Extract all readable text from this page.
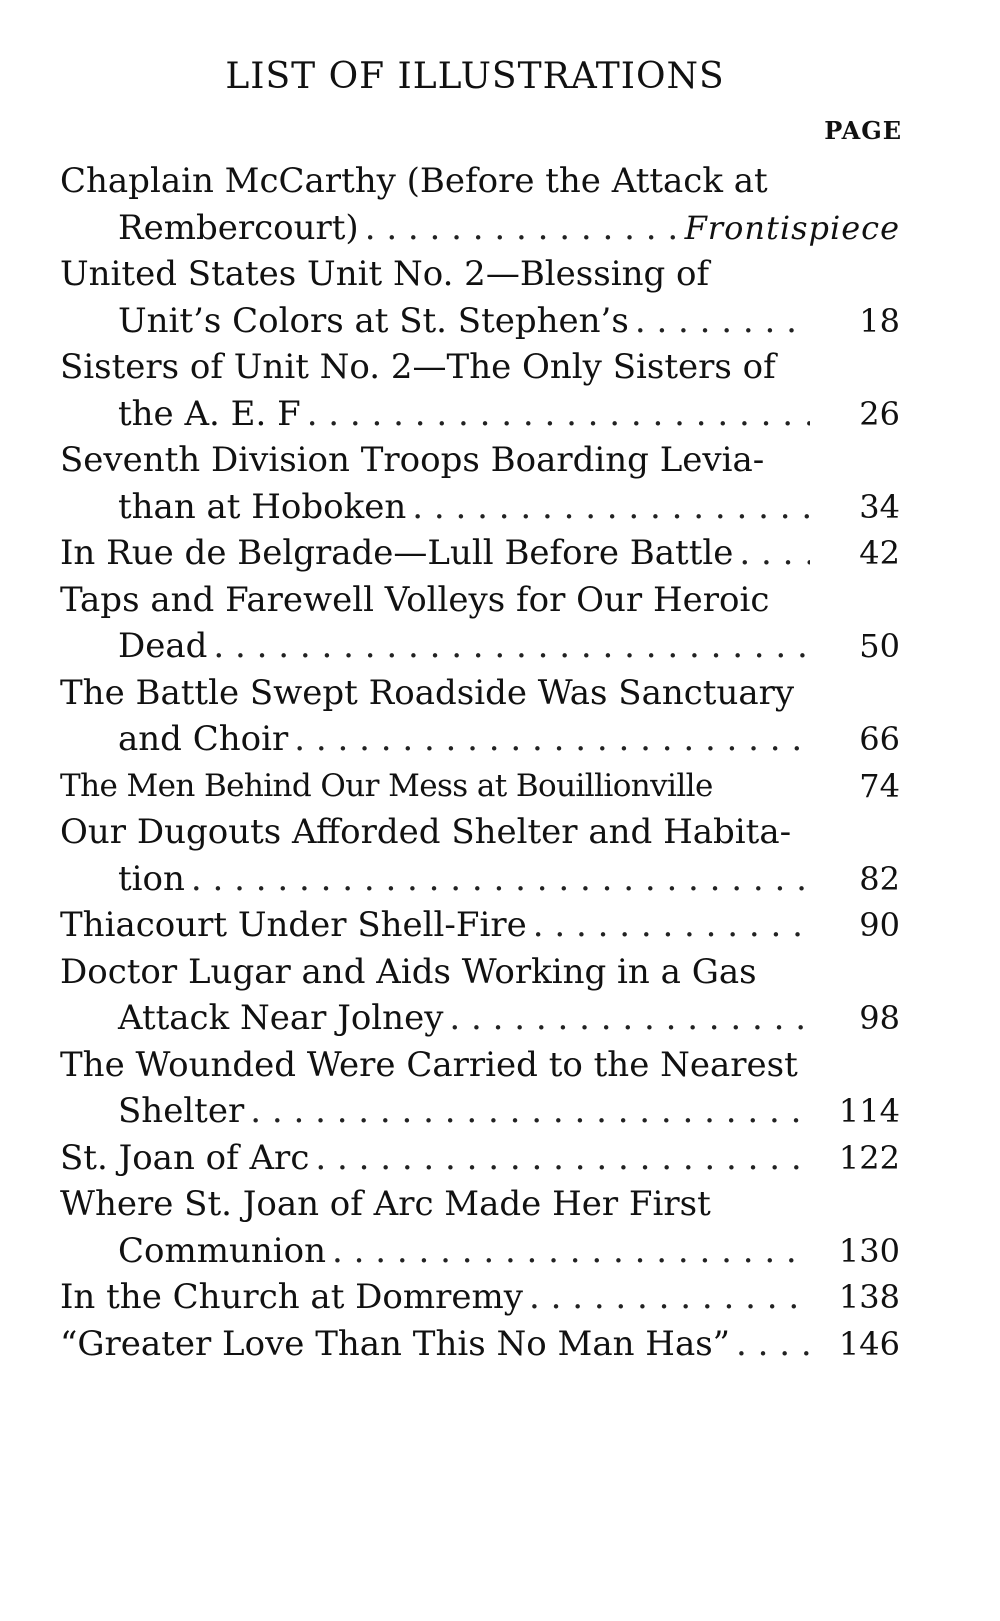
LIST OF ILLUSTRATIONS
PAGE
Chaplain McCarthy (Before the Attack at
Rembercourt) . . .	Frontispiece
United States Unit No. 2—Blessing of
Unit’s Colors at St. Stephen’s . . .	18
Sisters of Unit No. 2—The Only Sisters of
the A. E. F . . .	26
Seventh Division Troops Boarding Levia-
than at Hoboken . . .	34
In Rue de Belgrade—Lull Before Battle . . .	42
Taps and Farewell Volleys for Our Heroic
Dead . . .	50
The Battle Swept Roadside Was Sanctuary
and Choir . . .	66
The Men Behind Our Mess at Bouillionville	74
Our Dugouts Afforded Shelter and Habita-
tion . . .	82
Thiacourt Under Shell-Fire . . .	90
Doctor Lugar and Aids Working in a Gas
Attack Near Jolney . . .	98
The Wounded Were Carried to the Nearest
Shelter . . .	114
St. Joan of Arc . . .	122
Where St. Joan of Arc Made Her First
Communion . . .	130
In the Church at Domremy . . .	138
“Greater Love Than This No Man Has” . . .	146
